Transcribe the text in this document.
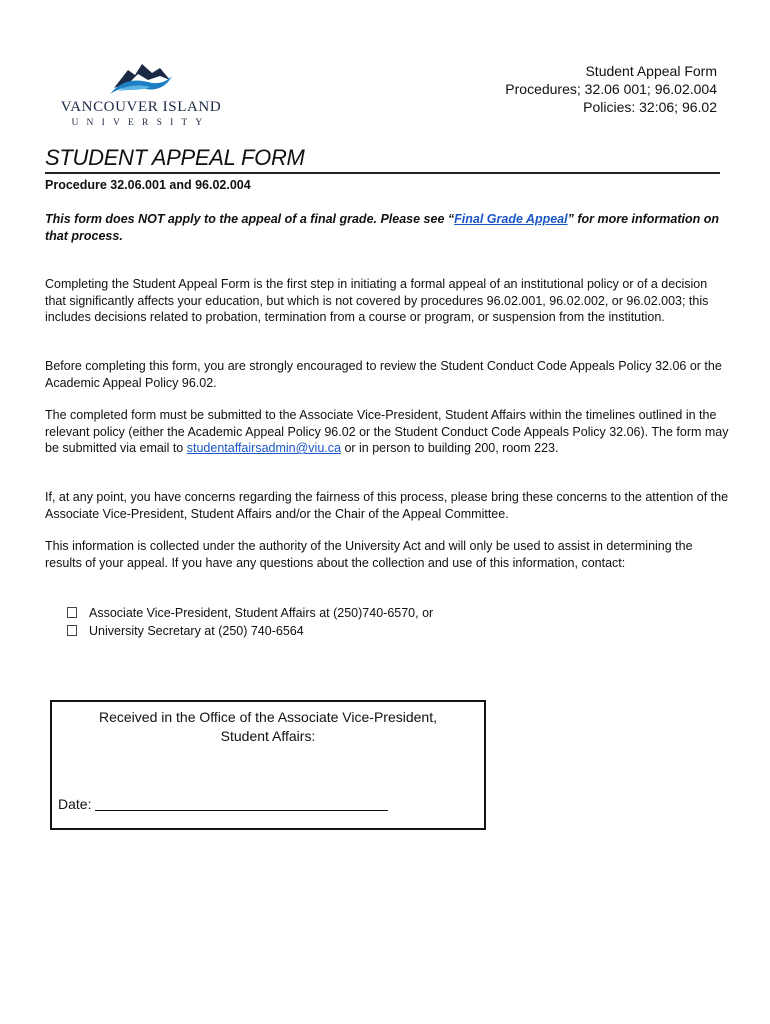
VANCOUVER ISLAND
UNIVERSITY
Student Appeal Form
Procedures; 32.06 001; 96.02.004
Policies: 32:06; 96.02
STUDENT APPEAL FORM
Procedure 32.06.001 and 96.02.004
This form does NOT apply to the appeal of a final grade. Please see “Final Grade Appeal” for more information on that process.

Completing the Student Appeal Form is the first step in initiating a formal appeal of an institutional policy or of a decision that significantly affects your education, but which is not covered by procedures 96.02.001, 96.02.002, or 96.02.003; this includes decisions related to probation, termination from a course or program, or suspension from the institution.

Before completing this form, you are strongly encouraged to review the Student Conduct Code Appeals Policy 32.06 or the Academic Appeal Policy 96.02.

The completed form must be submitted to the Associate Vice-President, Student Affairs within the timelines outlined in the relevant policy (either the Academic Appeal Policy 96.02 or the Student Conduct Code Appeals Policy 32.06). The form may be submitted via email to studentaffairsadmin@viu.ca or in person to building 200, room 223.

If, at any point, you have concerns regarding the fairness of this process, please bring these concerns to the attention of the Associate Vice-President, Student Affairs and/or the Chair of the Appeal Committee.

This information is collected under the authority of the University Act and will only be used to assist in determining the results of your appeal. If you have any questions about the collection and use of this information, contact:

Associate Vice-President, Student Affairs at (250)740-6570, or
University Secretary at (250) 740-6564
Received in the Office of the Associate Vice-President,
Student Affairs:
Date:
